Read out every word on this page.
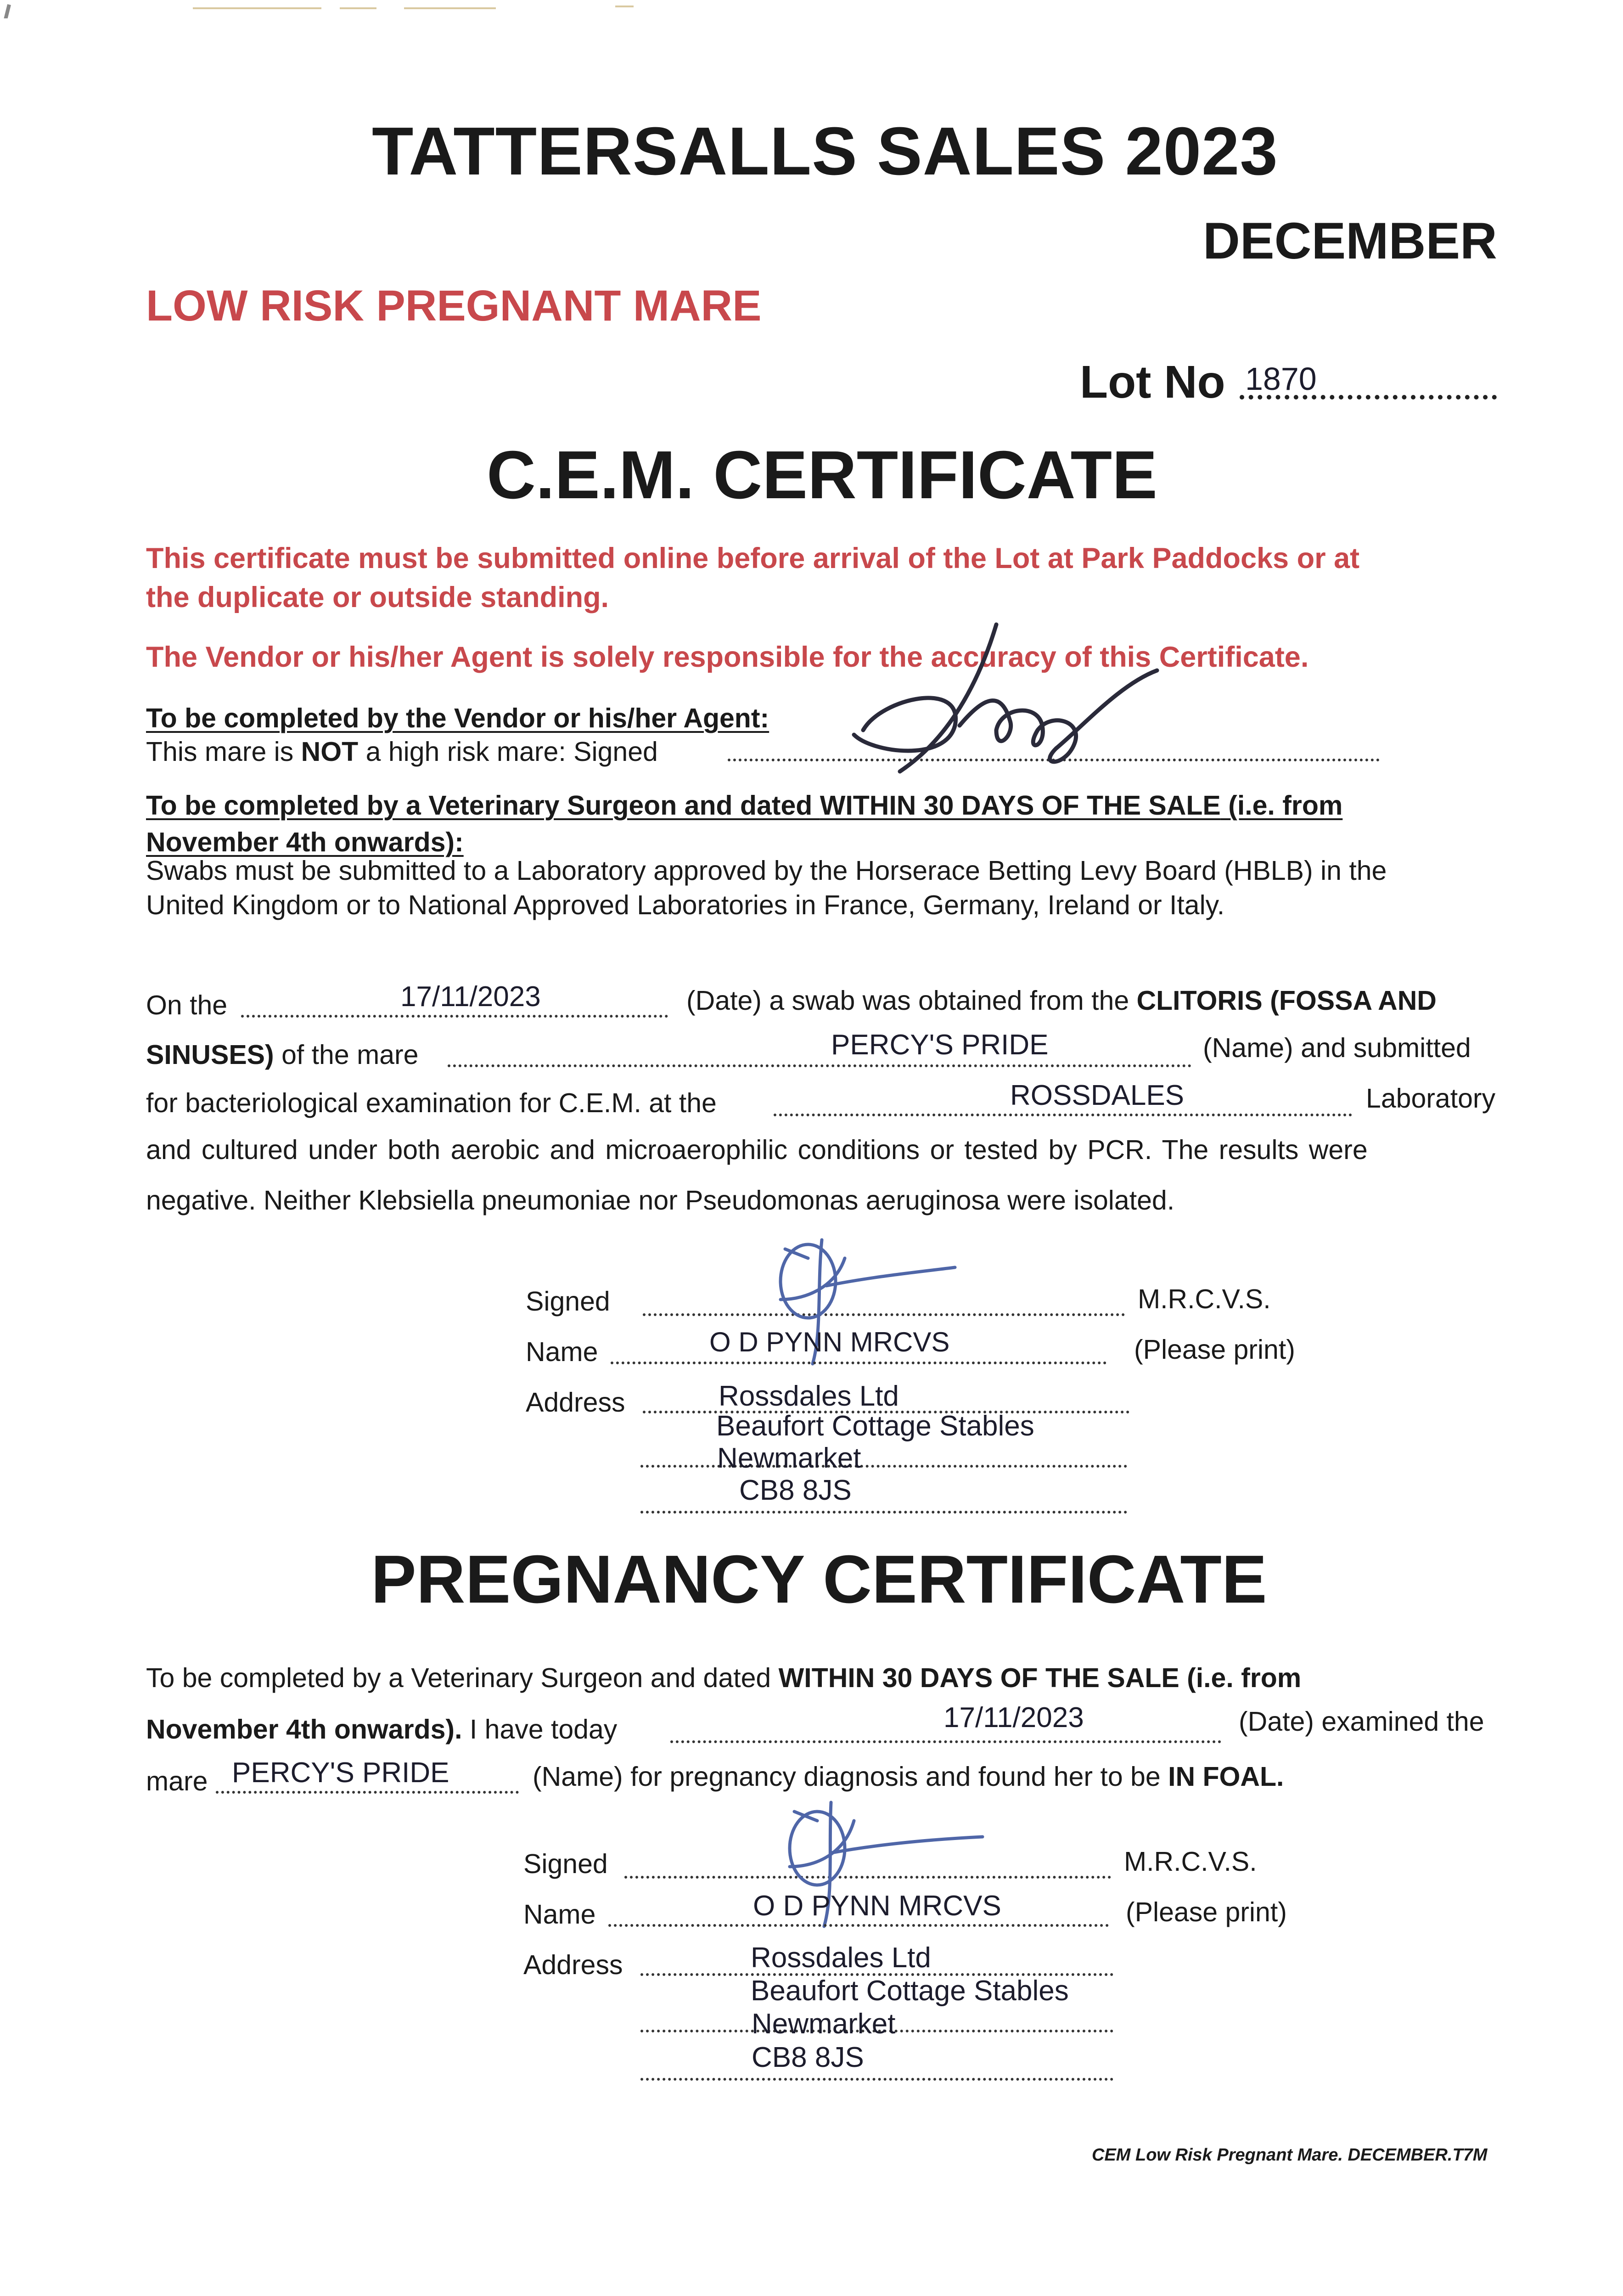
TATTERSALLS SALES 2023
DECEMBER
LOW RISK PREGNANT MARE
Lot No 1870
C.E.M. CERTIFICATE
This certificate must be submitted online before arrival of the Lot at Park Paddocks or at
the duplicate or outside standing.
The Vendor or his/her Agent is solely responsible for the accuracy of this Certificate.
To be completed by the Vendor or his/her Agent:
This mare is NOT a high risk mare: Signed
To be completed by a Veterinary Surgeon and dated WITHIN 30 DAYS OF THE SALE (i.e. from
November 4th onwards):
Swabs must be submitted to a Laboratory approved by the Horserace Betting Levy Board (HBLB) in the
United Kingdom or to National Approved Laboratories in France, Germany, Ireland or Italy.
On the	17/11/2023	(Date) a swab was obtained from the CLITORIS (FOSSA AND
SINUSES) of the mare	PERCY'S PRIDE	(Name) and submitted
for bacteriological examination for C.E.M. at the	ROSSDALES	Laboratory
and cultured under both aerobic and microaerophilic conditions or tested by PCR. The results were
negative. Neither Klebsiella pneumoniae nor Pseudomonas aeruginosa were isolated.
Signed	M.R.C.V.S.
Name	O D PYNN MRCVS	(Please print)
Address	Rossdales Ltd
Beaufort Cottage Stables
Newmarket
CB8 8JS
PREGNANCY CERTIFICATE
To be completed by a Veterinary Surgeon and dated WITHIN 30 DAYS OF THE SALE (i.e. from
November 4th onwards). I have today	17/11/2023	(Date) examined the
mare PERCY'S PRIDE	(Name) for pregnancy diagnosis and found her to be IN FOAL.
Signed	M.R.C.V.S.
Name	O D PYNN MRCVS	(Please print)
Address	Rossdales Ltd
Beaufort Cottage Stables
Newmarket
CB8 8JS
CEM Low Risk Pregnant Mare. DECEMBER.T7M
